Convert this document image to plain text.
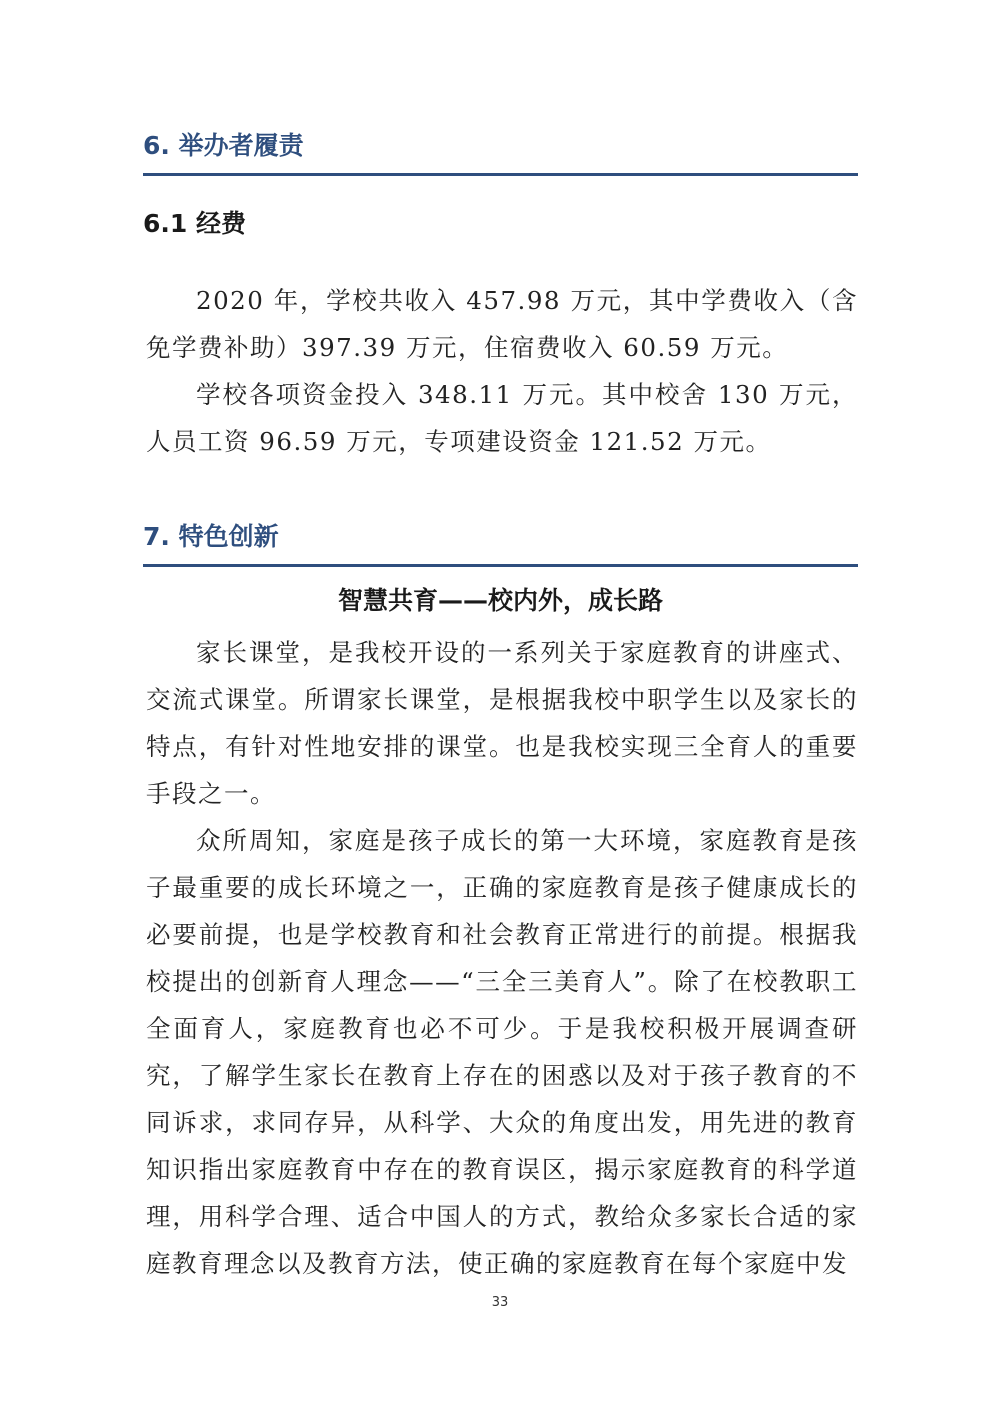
6. 举办者履责
6.1 经费

2020 年，学校共收入 457.98 万元，其中学费收入（含免学费补助）397.39 万元，住宿费收入 60.59 万元。

学校各项资金投入 348.11 万元。其中校舍 130 万元，人员工资 96.59 万元，专项建设资金 121.52 万元。

7. 特色创新
智慧共育——校内外，成长路

家长课堂，是我校开设的一系列关于家庭教育的讲座式、交流式课堂。所谓家长课堂，是根据我校中职学生以及家长的特点，有针对性地安排的课堂。也是我校实现三全育人的重要手段之一。

众所周知，家庭是孩子成长的第一大环境，家庭教育是孩子最重要的成长环境之一，正确的家庭教育是孩子健康成长的必要前提，也是学校教育和社会教育正常进行的前提。根据我校提出的创新育人理念——“三全三美育人”。除了在校教职工全面育人，家庭教育也必不可少。于是我校积极开展调查研究，了解学生家长在教育上存在的困惑以及对于孩子教育的不同诉求，求同存异，从科学、大众的角度出发，用先进的教育知识指出家庭教育中存在的教育误区，揭示家庭教育的科学道理，用科学合理、适合中国人的方式，教给众多家长合适的家庭教育理念以及教育方法，使正确的家庭教育在每个家庭中发

33
